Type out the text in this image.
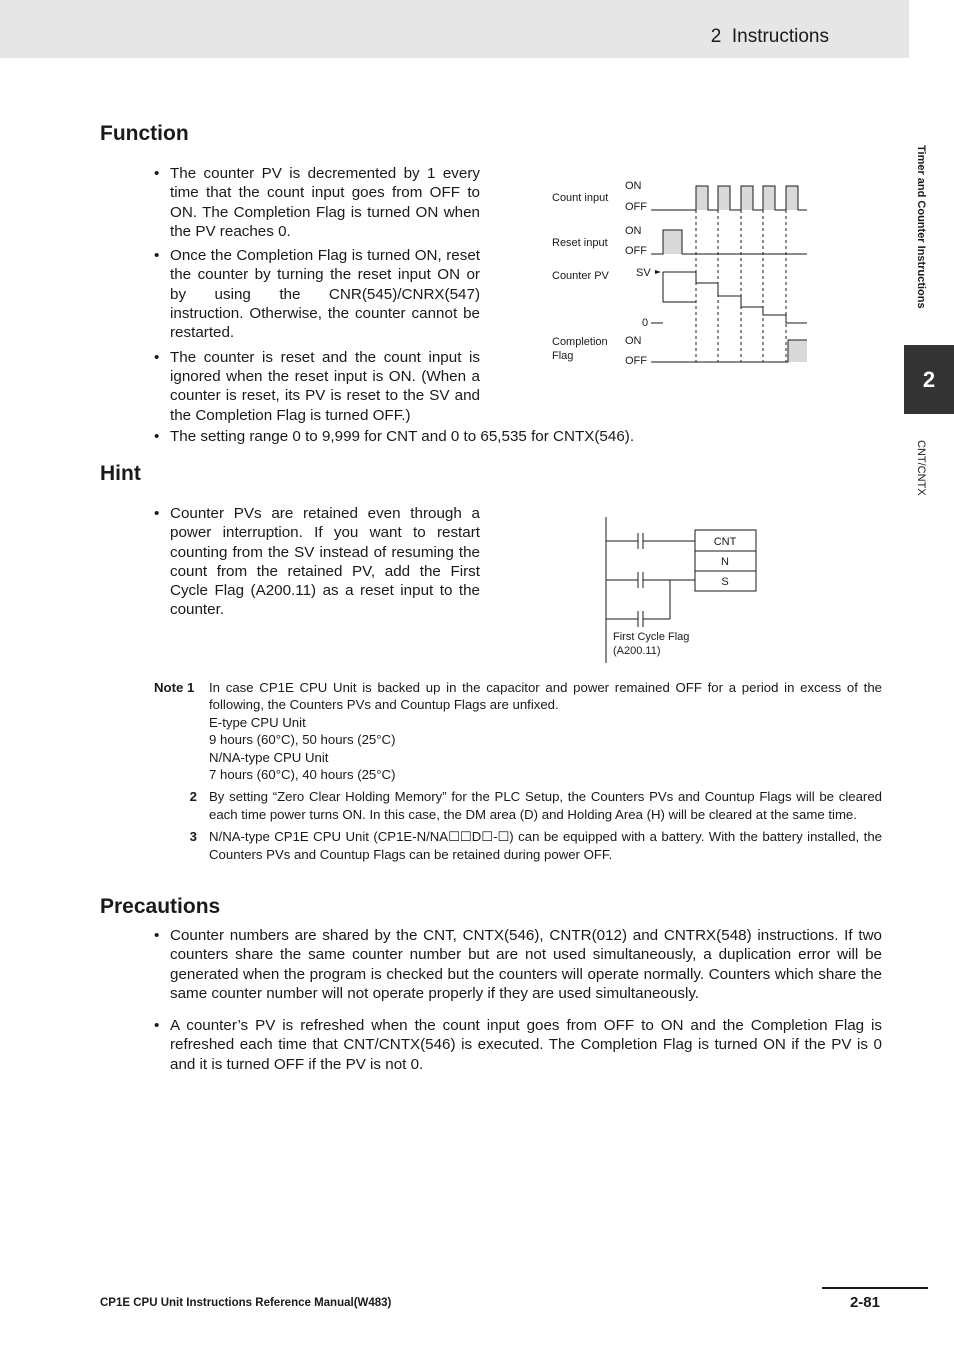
2 Instructions
Timer and Counter Instructions
2
CNT/CNTX
Function
• The counter PV is decremented by 1 every time that the count input goes from OFF to ON. The Completion Flag is turned ON when the PV reaches 0.
• Once the Completion Flag is turned ON, reset the counter by turning the reset input ON or by using the CNR(545)/CNRX(547) instruction. Otherwise, the counter cannot be restarted.
• The counter is reset and the count input is ignored when the reset input is ON. (When a counter is reset, its PV is reset to the SV and the Completion Flag is turned OFF.)
• The setting range 0 to 9,999 for CNT and 0 to 65,535 for CNTX(546).
Count input
ON
OFF
Reset input
ON
OFF
Counter PV SV
0
Completion
Flag
ON
OFF
Hint
• Counter PVs are retained even through a power interruption. If you want to restart counting from the SV instead of resuming the count from the retained PV, add the First Cycle Flag (A200.11) as a reset input to the counter.
CNT
N
S
First Cycle Flag
(A200.11)
Note 1	In case CP1E CPU Unit is backed up in the capacitor and power remained OFF for a period in excess of the following, the Counters PVs and Countup Flags are unfixed.
E-type CPU Unit
9 hours (60°C), 50 hours (25°C)
N/NA-type CPU Unit
7 hours (60°C), 40 hours (25°C)
2 By setting “Zero Clear Holding Memory” for the PLC Setup, the Counters PVs and Countup Flags will be cleared each time power turns ON. In this case, the DM area (D) and Holding Area (H) will be cleared at the same time.
3 N/NA-type CP1E CPU Unit (CP1E-N/NA☐☐D☐-☐) can be equipped with a battery. With the battery installed, the Counters PVs and Countup Flags can be retained during power OFF.
Precautions
• Counter numbers are shared by the CNT, CNTX(546), CNTR(012) and CNTRX(548) instructions. If two counters share the same counter number but are not used simultaneously, a duplication error will be generated when the program is checked but the counters will operate normally. Counters which share the same counter number will not operate properly if they are used simultaneously.
• A counter’s PV is refreshed when the count input goes from OFF to ON and the Completion Flag is refreshed each time that CNT/CNTX(546) is executed. The Completion Flag is turned ON if the PV is 0 and it is turned OFF if the PV is not 0.
CP1E CPU Unit Instructions Reference Manual(W483)	2-81
